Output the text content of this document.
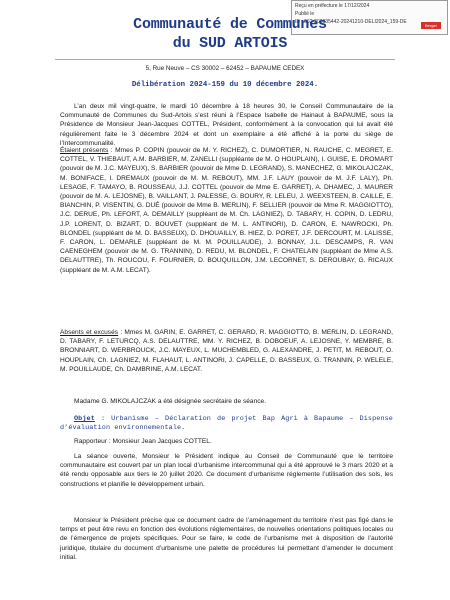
Reçu en préfecture le 17/12/2024
Publié le
ID : 062-200035442-20241210-DELI2024_159-DE
Berger Levrault
Communauté de Communes
du SUD ARTOIS
5, Rue Neuve – CS 30002 – 62452 – BAPAUME CEDEX
Délibération 2024-159 du 10 décembre 2024.
L’an deux mil vingt-quatre, le mardi 10 décembre à 18 heures 30, le Conseil Communautaire de la Communauté de Communes du Sud-Artois s’est réuni à l’Espace Isabelle de Hainaut à BAPAUME, sous la Présidence de Monsieur Jean-Jacques COTTEL, Président, conformément à la convocation qui lui avait été régulièrement faite le 3 décembre 2024 et dont un exemplaire a été affiché à la porte du siège de l’Intercommunalité.
Étaient présents : Mmes P. COPIN (pouvoir de M. Y. RICHEZ), C. DUMORTIER, N. RAUCHE, C. MEGRET, E. COTTEL, V. THIEBAUT, A.M. BARBIER, M. ZANELLI (suppléante de M. O HOUPLAIN), I. GUISE, E. DROMART (pouvoir de M. J.C. MAYEUX), S. BARBIER (pouvoir de Mme D. LEGRAND), S. MANECHEZ, G. MIKOLAJCZAK, M. BONIFACE, I. DREMAUX (pouvoir de M. M. REBOUT), MM. J.F. LAUY (pouvoir de M. J.F. LALY), Ph. LESAGE, F. TAMAYO, B. ROUSSEAU, J.J. COTTEL (pouvoir de Mme E. GARRET), A. DHAMEC, J. MAURER (pouvoir de M. A. LEJOSNE), B. VAILLANT, J. PALESSE, G. BOURY, R. LELEU, J. WEEXSTEEN, B. CAILLE, E. BIANCHIN, P. VISENTIN, G. DUÉ (pouvoir de Mme B. MERLIN), F. SELLIER (pouvoir de Mme R. MAGGIOTTO), J.C. DERUE, Ph. LEFORT, A. DEMAILLY (suppléant de M. Ch. LAGNIEZ), D. TABARY, H. COPIN, D. LEDRU, J.P. LORENT, D. BIZART, D. BOUVET (suppléant de M. L. ANTINORI), D. CARON, E. NAWROCKI, Ph. BLONDEL (suppléant de M. D. BASSEUX), D. DHOUAILLY, B. HIEZ, D. PORET, J.F. DERCOURT, M. LALISSE, F. CARON, L. DEMARLE (suppléant de M. M. POUILLAUDE), J. BONNAY, J.L. DESCAMPS, R. VAN CAENEGHEM (pouvoir de M. G. TRANNIN), D. REDU, M. BLONDEL, F. CHATELAIN (suppléant de Mme A.S. DELAUTTRE), Th. ROUCOU, F. FOURNIER, D. BOUQUILLON, J.M. LECORNET, S. DEROUBAY, G. RICAUX (suppléant de M. A.M. LECAT).
Absents et excusés : Mmes M. GARIN, E. GARRET, C. GERARD, R. MAGGIOTTO, B. MERLIN, D. LEGRAND, D. TABARY, F. LETURCQ, A.S. DELAUTTRE, MM. Y. RICHEZ, B. DOBOEUF, A. LEJOSNE, Y. MEMBRE, B. BRONNIART, D. WERBROUCK, J.C. MAYEUX, L. MUCHEMBLED, G. ALEXANDRE, J. PETIT, M. REBOUT, O. HOUPLAIN, Ch. LAGNIEZ, M. FLAHAUT, L. ANTINORI, J. CAPELLE, D. BASSEUX, G. TRANNIN, P. WELELE, M. POUILLAUDE, Ch. DAMBRINE, A.M. LECAT.
Madame G. MIKOLAJCZAK a été désignée secrétaire de séance.
Objet : Urbanisme – Déclaration de projet Bap Agri à Bapaume – Dispense d’évaluation environnementale.
Rapporteur : Monsieur Jean Jacques COTTEL.
La séance ouverte, Monsieur le Président indique au Conseil de Communauté que le territoire communautaire est couvert par un plan local d’urbanisme intercommunal qui a été approuvé le 3 mars 2020 et a été rendu opposable aux tiers le 20 juillet 2020. Ce document d’urbanisme réglemente l’utilisation des sols, les constructions et planifie le développement urbain.
Monsieur le Président précise que ce document cadre de l’aménagement du territoire n’est pas figé dans le temps et peut être revu en fonction des évolutions réglementaires, de nouvelles orientations politiques locales ou de l’émergence de projets spécifiques. Pour se faire, le code de l’urbanisme met à disposition de l’autorité juridique, titulaire du document d’urbanisme une palette de procédures lui permettant d’amender le document initial.
